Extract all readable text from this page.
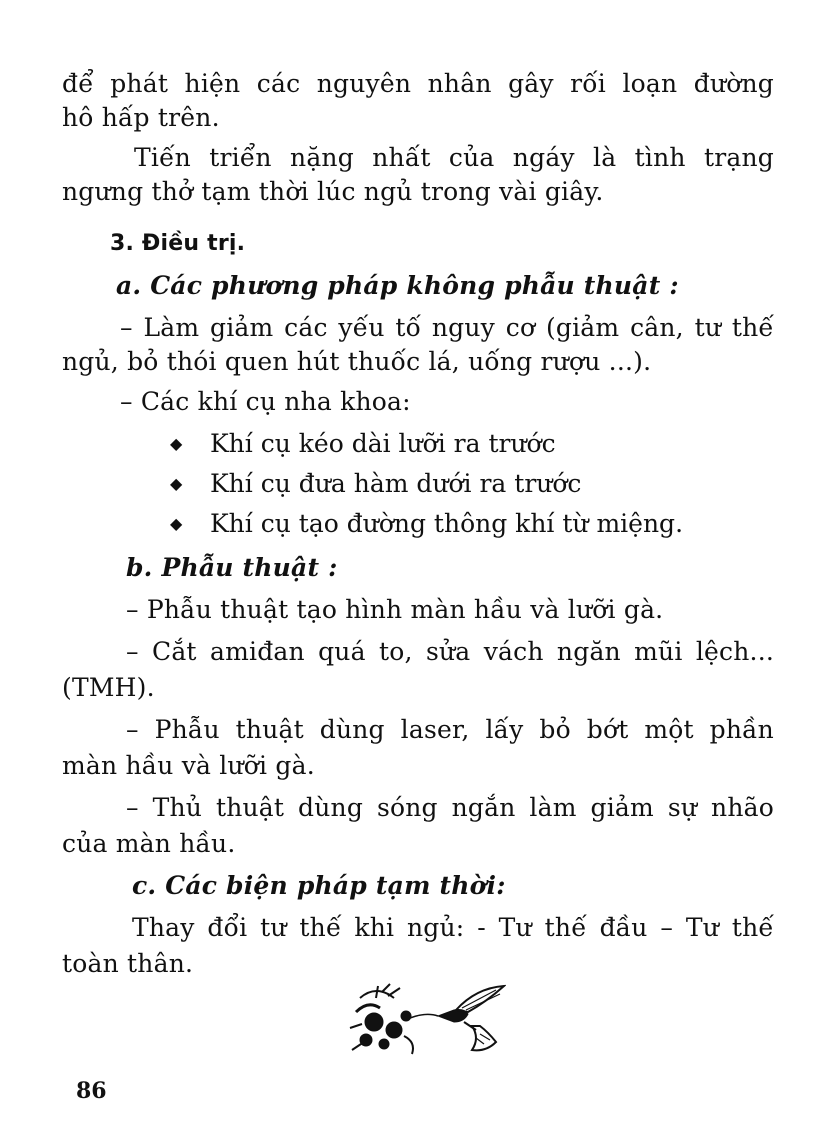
để phát hiện các nguyên nhân gây rối loạn đường
hô hấp trên.
Tiến triển nặng nhất của ngáy là tình trạng
ngưng thở tạm thời lúc ngủ trong vài giây.
3. Điều trị.
a. Các phương pháp không phẫu thuật :
– Làm giảm các yếu tố nguy cơ (giảm cân, tư thế
ngủ, bỏ thói quen hút thuốc lá, uống rượu ...).
– Các khí cụ nha khoa:
◆ Khí cụ kéo dài lưỡi ra trước
◆ Khí cụ đưa hàm dưới ra trước
◆ Khí cụ tạo đường thông khí từ miệng.
b. Phẫu thuật :
– Phẫu thuật tạo hình màn hầu và lưỡi gà.
– Cắt amiđan quá to, sửa vách ngăn mũi lệch...
(TMH).
– Phẫu thuật dùng laser, lấy bỏ bớt một phần
màn hầu và lưỡi gà.
– Thủ thuật dùng sóng ngắn làm giảm sự nhão
của màn hầu.
c. Các biện pháp tạm thời:
Thay đổi tư thế khi ngủ: - Tư thế đầu – Tư thế
toàn thân.
86
